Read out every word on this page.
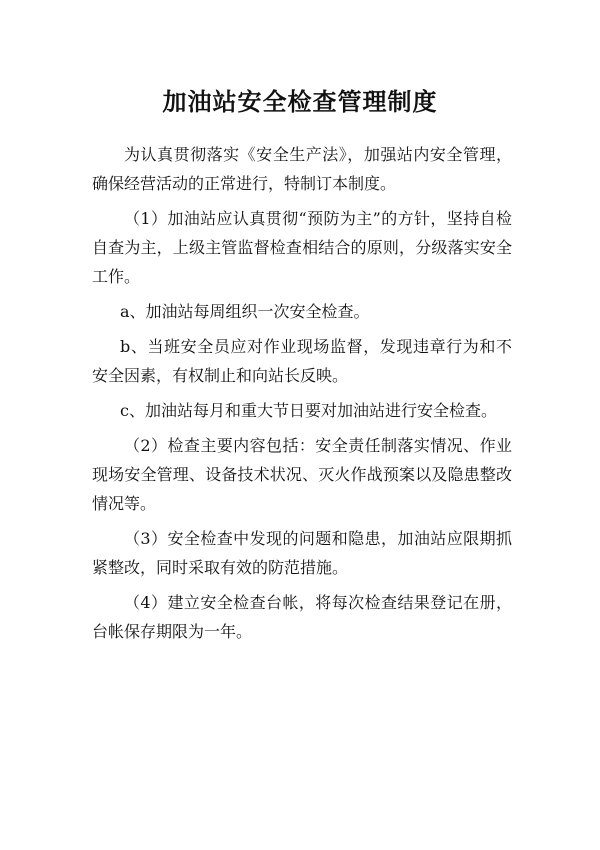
加油站安全检查管理制度

为认真贯彻落实《安全生产法》，加强站内安全管理，确保经营活动的正常进行，特制订本制度。

（1）加油站应认真贯彻“预防为主”的方针，坚持自检自查为主，上级主管监督检查相结合的原则，分级落实安全工作。

a、加油站每周组织一次安全检查。

b、当班安全员应对作业现场监督，发现违章行为和不安全因素，有权制止和向站长反映。

c、加油站每月和重大节日要对加油站进行安全检查。

（2）检查主要内容包括：安全责任制落实情况、作业现场安全管理、设备技术状况、灭火作战预案以及隐患整改情况等。

（3）安全检查中发现的问题和隐患，加油站应限期抓紧整改，同时采取有效的防范措施。

（4）建立安全检查台帐，将每次检查结果登记在册，台帐保存期限为一年。
